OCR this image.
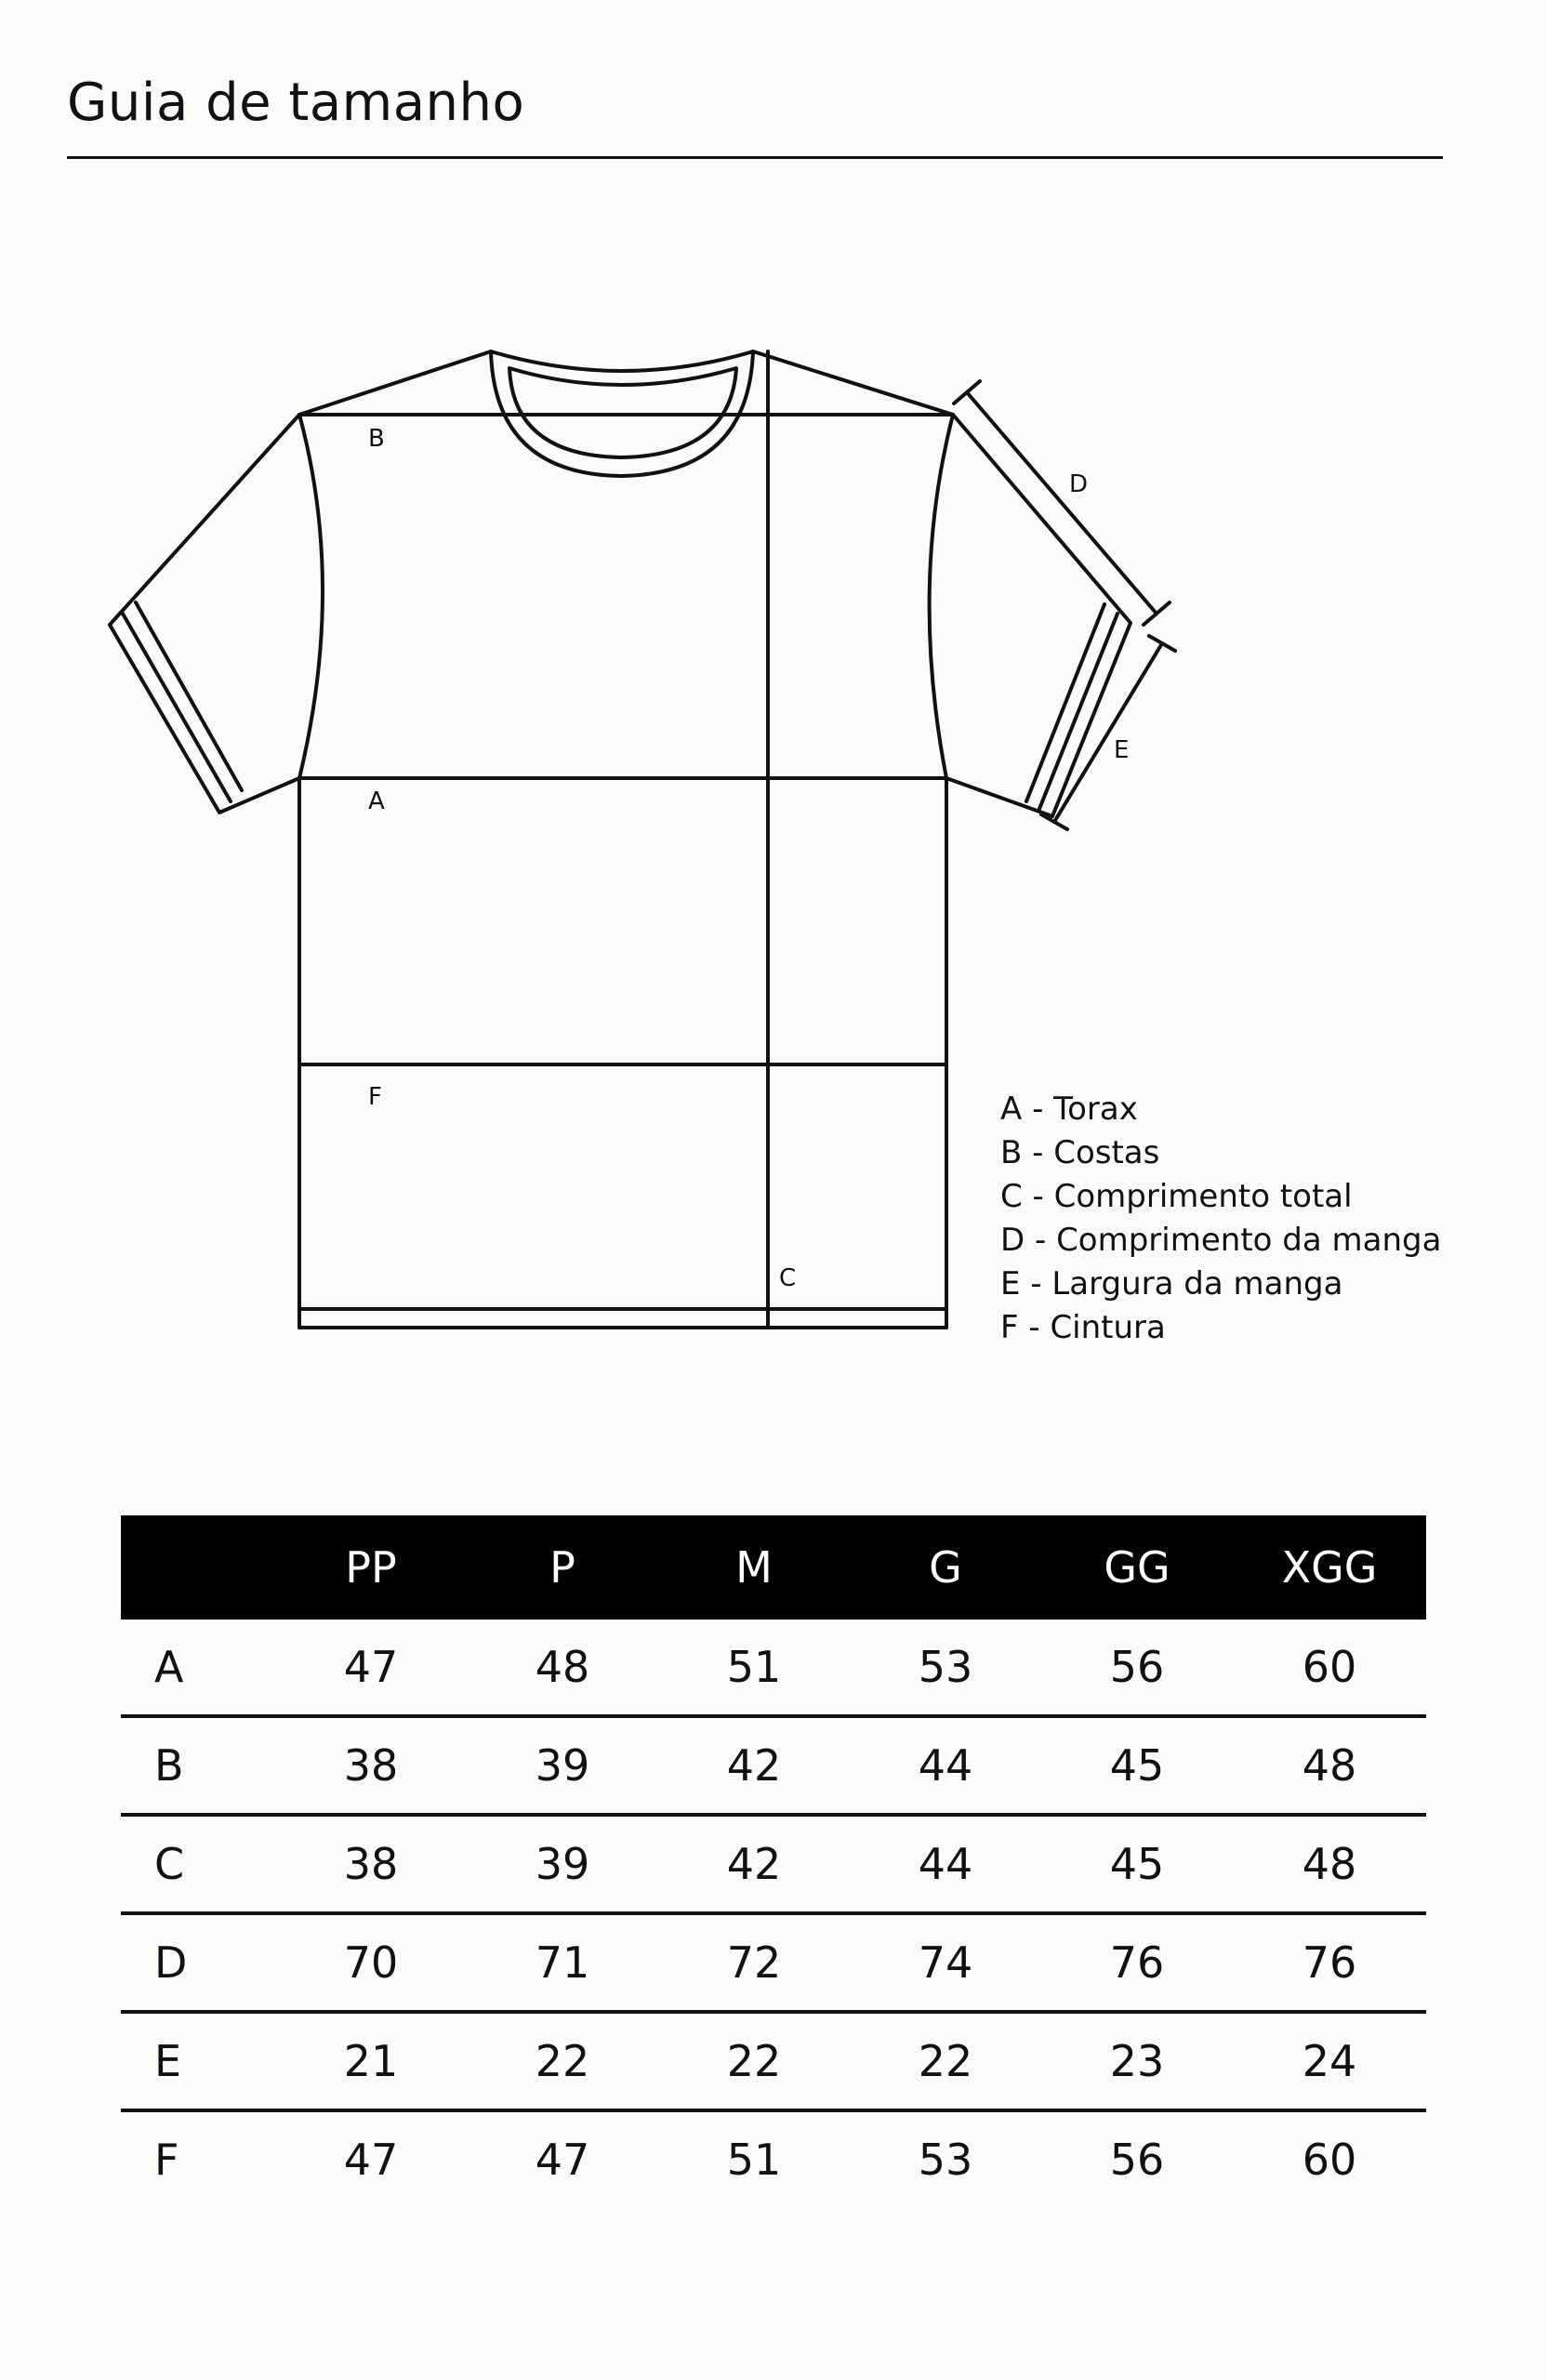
Guia de tamanho
B
A
F
C
D
E
A - Torax
B - Costas
C - Comprimento total
D - Comprimento da manga
E - Largura da manga
F - Cintura
	PP	P	M	G	GG	XGG
A	47	48	51	53	56	60
B	38	39	42	44	45	48
C	38	39	42	44	45	48
D	70	71	72	74	76	76
E	21	22	22	22	23	24
F	47	47	51	53	56	60
